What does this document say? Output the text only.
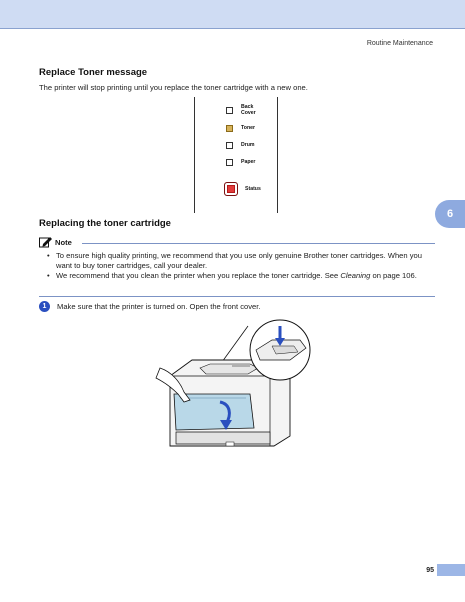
Routine Maintenance
6
Replace Toner message
The printer will stop printing until you replace the toner cartridge with a new one.
Back
Cover
Toner
Drum
Paper
Status
Replacing the toner cartridge
Note
• To ensure high quality printing, we recommend that you use only genuine Brother toner cartridges. When you want to buy toner cartridges, call your dealer.
• We recommend that you clean the printer when you replace the toner cartridge. See Cleaning on page 106.
1	Make sure that the printer is turned on. Open the front cover.
95
